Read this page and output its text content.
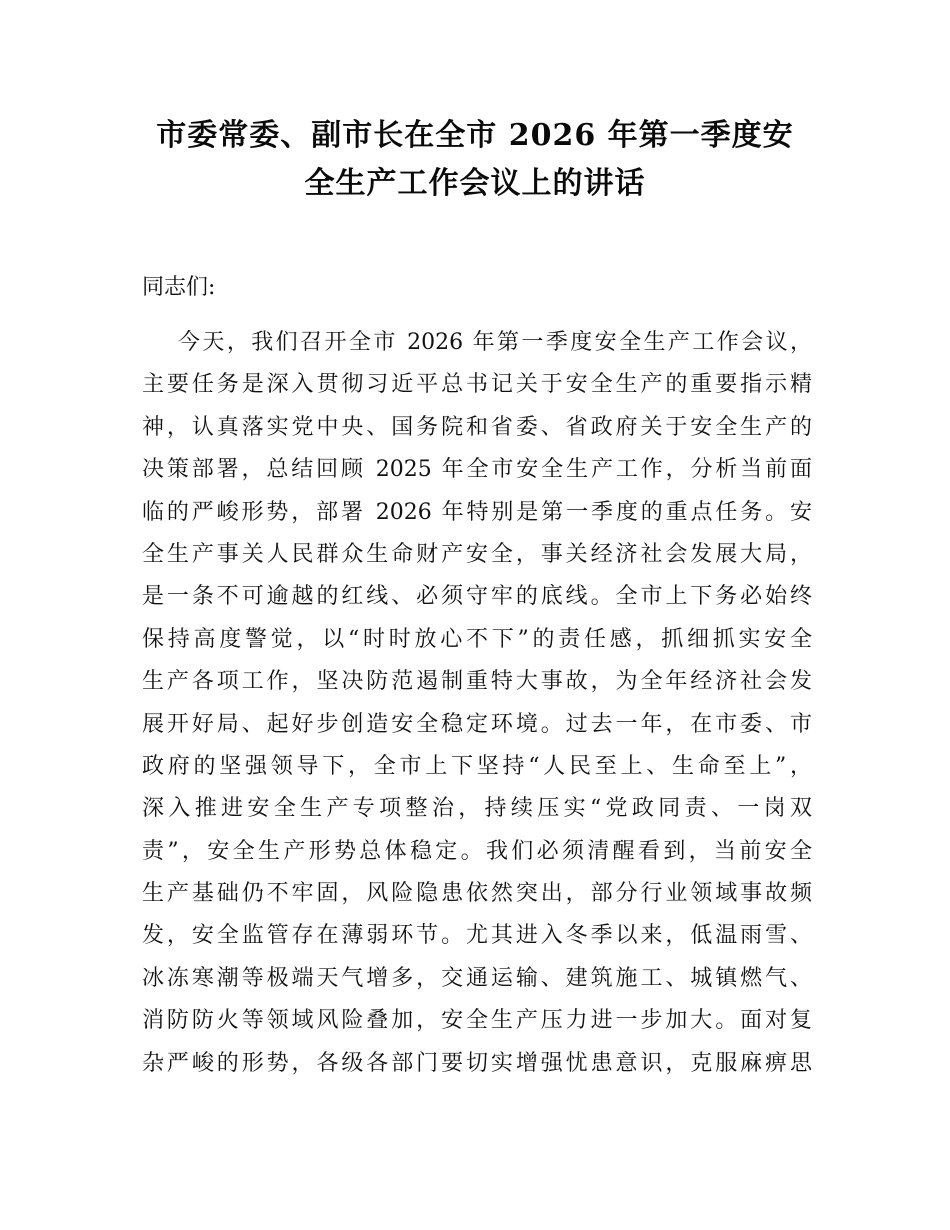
市委常委、副市长在全市 2026 年第一季度安
全生产工作会议上的讲话
同志们:
今天，我们召开全市 2026 年第一季度安全生产工作会议，
主要任务是深入贯彻习近平总书记关于安全生产的重要指示精
神，认真落实党中央、国务院和省委、省政府关于安全生产的
决策部署，总结回顾 2025 年全市安全生产工作，分析当前面
临的严峻形势，部署 2026 年特别是第一季度的重点任务。安
全生产事关人民群众生命财产安全，事关经济社会发展大局，
是一条不可逾越的红线、必须守牢的底线。全市上下务必始终
保持高度警觉，以“时时放心不下”的责任感，抓细抓实安全
生产各项工作，坚决防范遏制重特大事故，为全年经济社会发
展开好局、起好步创造安全稳定环境。过去一年，在市委、市
政府的坚强领导下，全市上下坚持“人民至上、生命至上”，
深入推进安全生产专项整治，持续压实“党政同责、一岗双
责”，安全生产形势总体稳定。我们必须清醒看到，当前安全
生产基础仍不牢固，风险隐患依然突出，部分行业领域事故频
发，安全监管存在薄弱环节。尤其进入冬季以来，低温雨雪、
冰冻寒潮等极端天气增多，交通运输、建筑施工、城镇燃气、
消防防火等领域风险叠加，安全生产压力进一步加大。面对复
杂严峻的形势，各级各部门要切实增强忧患意识，克服麻痹思
